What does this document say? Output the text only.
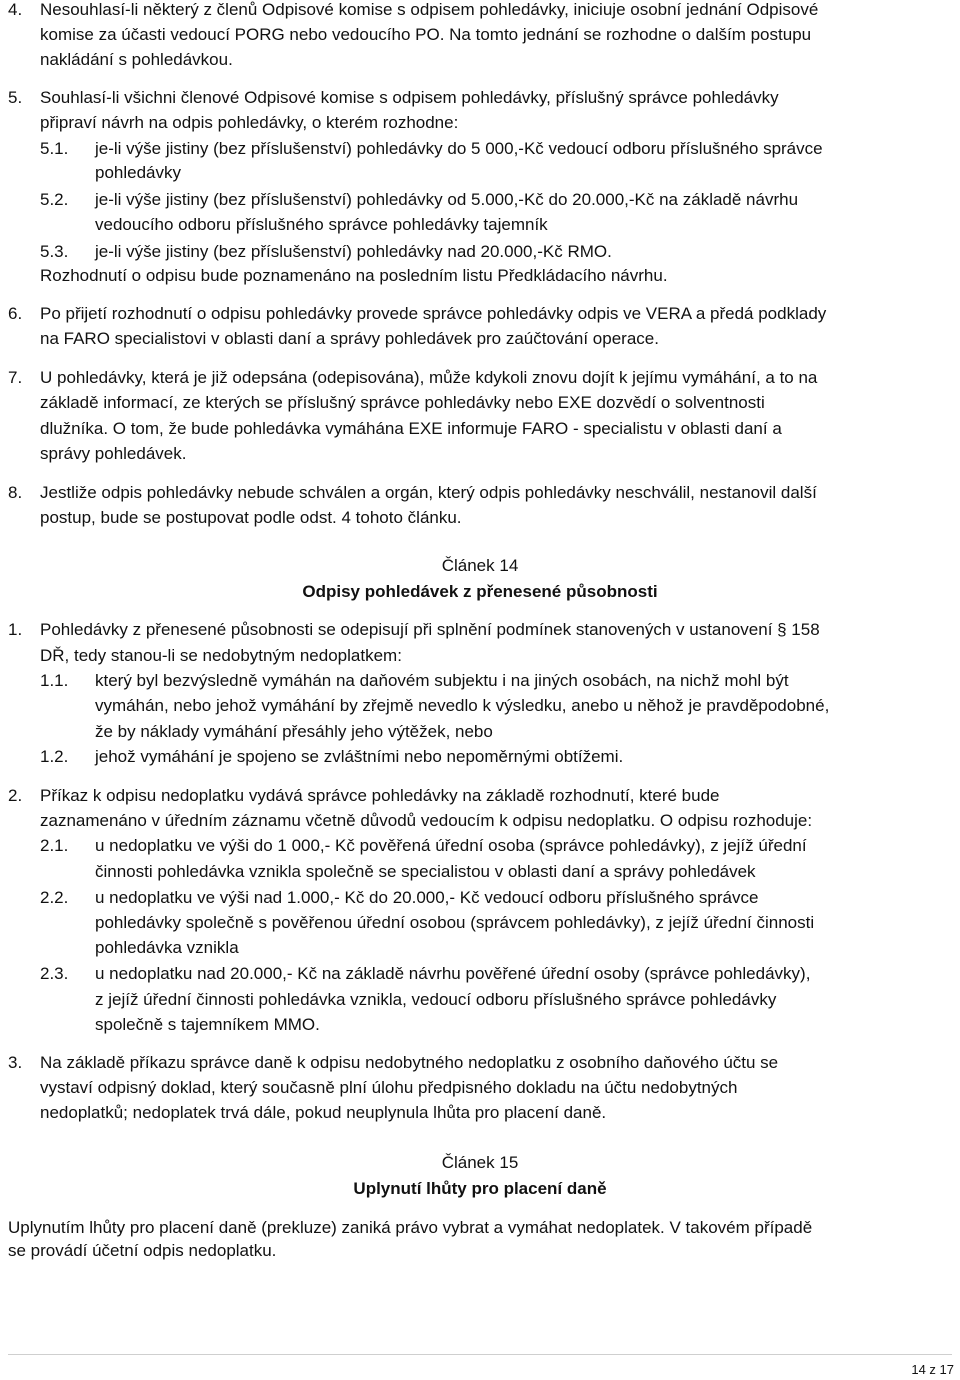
4. Nesouhlasí-li některý z členů Odpisové komise s odpisem pohledávky, iniciuje osobní jednání Odpisové
komise za účasti vedoucí PORG nebo vedoucího PO. Na tomto jednání se rozhodne o dalším postupu
nakládání s pohledávkou.
5. Souhlasí-li všichni členové Odpisové komise s odpisem pohledávky, příslušný správce pohledávky
připraví návrh na odpis pohledávky, o kterém rozhodne:
5.1. je-li výše jistiny (bez příslušenství) pohledávky do 5 000,-Kč vedoucí odboru příslušného správce
pohledávky
5.2. je-li výše jistiny (bez příslušenství) pohledávky od 5.000,-Kč do 20.000,-Kč na základě návrhu
vedoucího odboru příslušného správce pohledávky tajemník
5.3. je-li výše jistiny (bez příslušenství) pohledávky nad 20.000,-Kč RMO.
Rozhodnutí o odpisu bude poznamenáno na posledním listu Předkládacího návrhu.
6. Po přijetí rozhodnutí o odpisu pohledávky provede správce pohledávky odpis ve VERA a předá podklady
na FARO specialistovi v oblasti daní a správy pohledávek pro zaúčtování operace.
7. U pohledávky, která je již odepsána (odepisována), může kdykoli znovu dojít k jejímu vymáhání, a to na
základě informací, ze kterých se příslušný správce pohledávky nebo EXE dozvědí o solventnosti
dlužníka. O tom, že bude pohledávka vymáhána EXE informuje FARO - specialistu v oblasti daní a
správy pohledávek.
8. Jestliže odpis pohledávky nebude schválen a orgán, který odpis pohledávky neschválil, nestanovil další
postup, bude se postupovat podle odst. 4 tohoto článku.
Článek 14
Odpisy pohledávek z přenesené působnosti
1. Pohledávky z přenesené působnosti se odepisují při splnění podmínek stanovených v ustanovení § 158
DŘ, tedy stanou-li se nedobytným nedoplatkem:
1.1. který byl bezvýsledně vymáhán na daňovém subjektu i na jiných osobách, na nichž mohl být
vymáhán, nebo jehož vymáhání by zřejmě nevedlo k výsledku, anebo u něhož je pravděpodobné,
že by náklady vymáhání přesáhly jeho výtěžek, nebo
1.2. jehož vymáhání je spojeno se zvláštními nebo nepoměrnými obtížemi.
2. Příkaz k odpisu nedoplatku vydává správce pohledávky na základě rozhodnutí, které bude
zaznamenáno v úředním záznamu včetně důvodů vedoucím k odpisu nedoplatku. O odpisu rozhoduje:
2.1. u nedoplatku ve výši do 1 000,- Kč pověřená úřední osoba (správce pohledávky), z jejíž úřední
činnosti pohledávka vznikla společně se specialistou v oblasti daní a správy pohledávek
2.2. u nedoplatku ve výši nad 1.000,- Kč do 20.000,- Kč vedoucí odboru příslušného správce
pohledávky společně s pověřenou úřední osobou (správcem pohledávky), z jejíž úřední činnosti
pohledávka vznikla
2.3. u nedoplatku nad 20.000,- Kč na základě návrhu pověřené úřední osoby (správce pohledávky),
z jejíž úřední činnosti pohledávka vznikla, vedoucí odboru příslušného správce pohledávky
společně s tajemníkem MMO.
3. Na základě příkazu správce daně k odpisu nedobytného nedoplatku z osobního daňového účtu se
vystaví odpisný doklad, který současně plní úlohu předpisného dokladu na účtu nedobytných
nedoplatků; nedoplatek trvá dále, pokud neuplynula lhůta pro placení daně.
Článek 15
Uplynutí lhůty pro placení daně
Uplynutím lhůty pro placení daně (prekluze) zaniká právo vybrat a vymáhat nedoplatek. V takovém případě
se provádí účetní odpis nedoplatku.
14 z 17
